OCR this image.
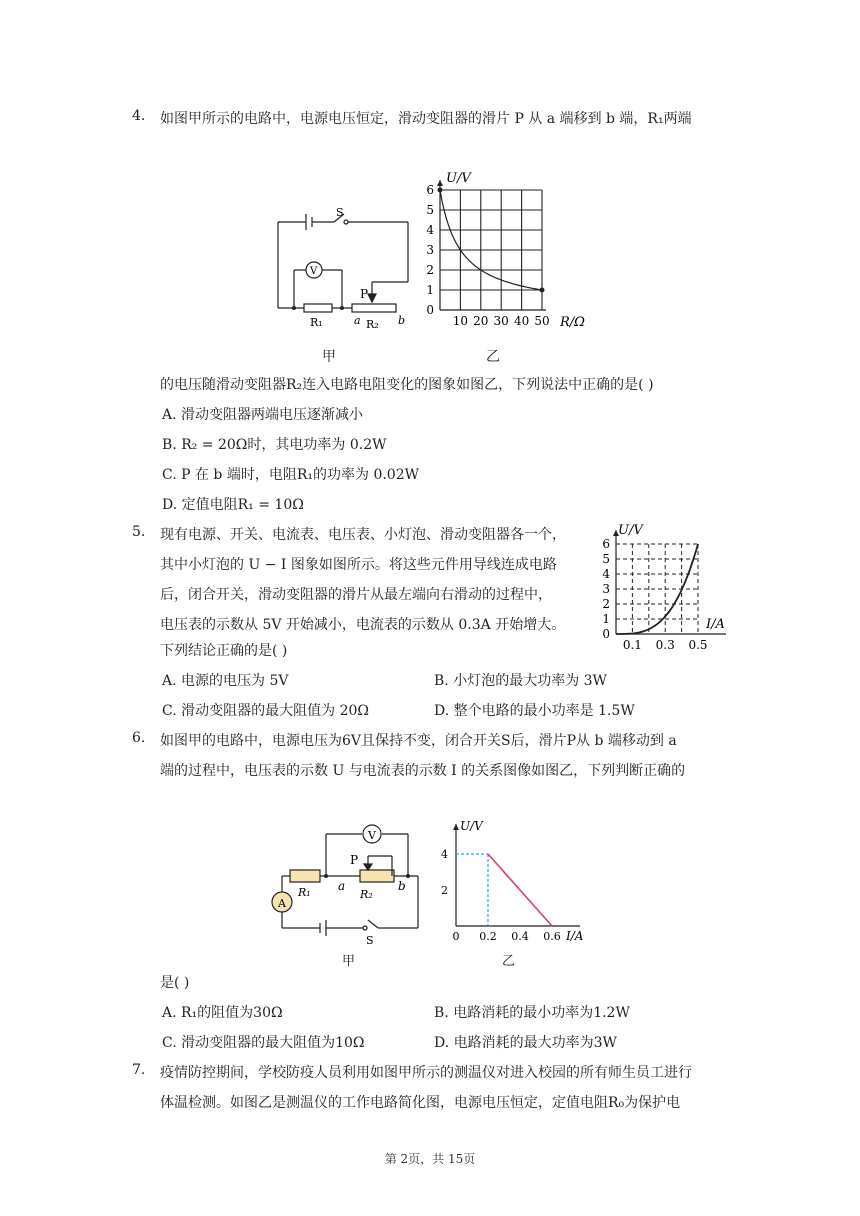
4. 如图甲所示的电路中，电源电压恒定，滑动变阻器的滑片 P 从 a 端移到 b 端，R₁两端
S
V
P
R₁	R₂
a	b
0
1
2
3
4
5
6
10 20 30 40 50
U/V
R/Ω
甲	乙
的电压随滑动变阻器R₂连入电路电阻变化的图象如图乙，下列说法中正确的是( )
A. 滑动变阻器两端电压逐渐减小
B. R₂ = 20Ω时，其电功率为 0.2W
C. P 在 b 端时，电阻R₁的功率为 0.02W
D. 定值电阻R₁ = 10Ω
5. 现有电源、开关、电流表、电压表、小灯泡、滑动变阻器各一个，
其中小灯泡的 U − I 图象如图所示。将这些元件用导线连成电路
后，闭合开关，滑动变阻器的滑片从最左端向右滑动的过程中，
电压表的示数从 5V 开始减小，电流表的示数从 0.3A 开始增大。
下列结论正确的是( )
0
1
2
3
4
5
6
0.1 0.3 0.5
U/V
I/A
A. 电源的电压为 5V	B. 小灯泡的最大功率为 3W
C. 滑动变阻器的最大阻值为 20Ω	D. 整个电路的最小功率是 1.5W
6. 如图甲的电路中，电源电压为6V且保持不变，闭合开关S后，滑片P从 b 端移动到 a
端的过程中，电压表的示数 U 与电流表的示数 I 的关系图像如图乙，下列判断正确的
V
A
P
R₁	R₂
a	b
S
2
4
0 0.2 0.4 0.6
U/V
I/A
甲	乙
是( )
A. R₁的阻值为30Ω	B. 电路消耗的最小功率为1.2W
C. 滑动变阻器的最大阻值为10Ω	D. 电路消耗的最大功率为3W
7. 疫情防控期间，学校防疫人员利用如图甲所示的测温仪对进入校园的所有师生员工进行
体温检测。如图乙是测温仪的工作电路简化图，电源电压恒定，定值电阻R₀为保护电
第 2页，共 15页
